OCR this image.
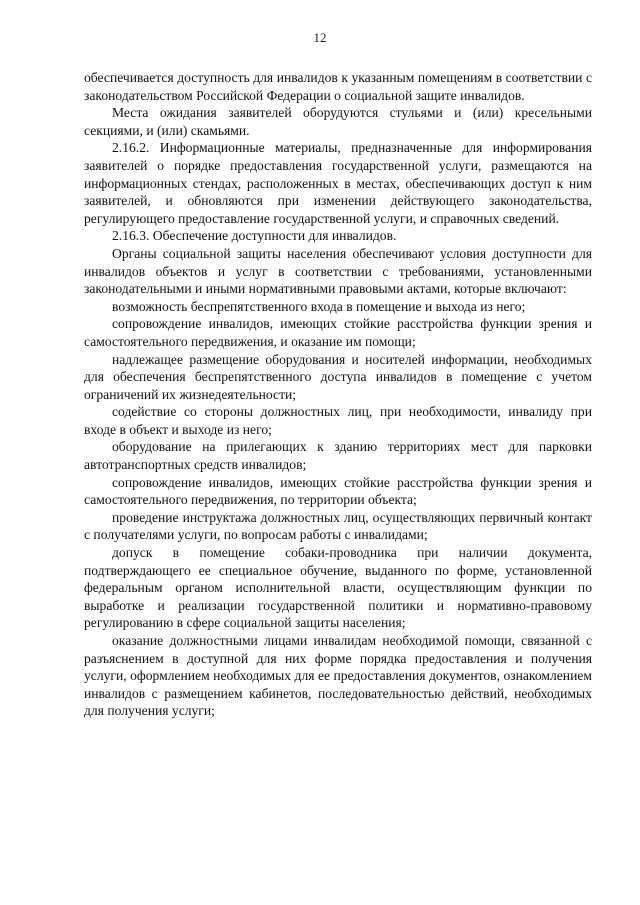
12

обеспечивается доступность для инвалидов к указанным помещениям в соответствии с законодательством Российской Федерации о социальной защите инвалидов.

Места ожидания заявителей оборудуются стульями и (или) кресельными секциями, и (или) скамьями.

2.16.2. Информационные материалы, предназначенные для информирования заявителей о порядке предоставления государственной услуги, размещаются на информационных стендах, расположенных в местах, обеспечивающих доступ к ним заявителей, и обновляются при изменении действующего законодательства, регулирующего предоставление государственной услуги, и справочных сведений.

2.16.3. Обеспечение доступности для инвалидов.

Органы социальной защиты населения обеспечивают условия доступности для инвалидов объектов и услуг в соответствии с требованиями, установленными законодательными и иными нормативными правовыми актами, которые включают:

возможность беспрепятственного входа в помещение и выхода из него;

сопровождение инвалидов, имеющих стойкие расстройства функции зрения и самостоятельного передвижения, и оказание им помощи;

надлежащее размещение оборудования и носителей информации, необходимых для обеспечения беспрепятственного доступа инвалидов в помещение с учетом ограничений их жизнедеятельности;

содействие со стороны должностных лиц, при необходимости, инвалиду при входе в объект и выходе из него;

оборудование на прилегающих к зданию территориях мест для парковки автотранспортных средств инвалидов;

сопровождение инвалидов, имеющих стойкие расстройства функции зрения и самостоятельного передвижения, по территории объекта;

проведение инструктажа должностных лиц, осуществляющих первичный контакт с получателями услуги, по вопросам работы с инвалидами;

допуск в помещение собаки-проводника при наличии документа, подтверждающего ее специальное обучение, выданного по форме, установленной федеральным органом исполнительной власти, осуществляющим функции по выработке и реализации государственной политики и нормативно-правовому регулированию в сфере социальной защиты населения;

оказание должностными лицами инвалидам необходимой помощи, связанной с разъяснением в доступной для них форме порядка предоставления и получения услуги, оформлением необходимых для ее предоставления документов, ознакомлением инвалидов с размещением кабинетов, последовательностью действий, необходимых для получения услуги;
